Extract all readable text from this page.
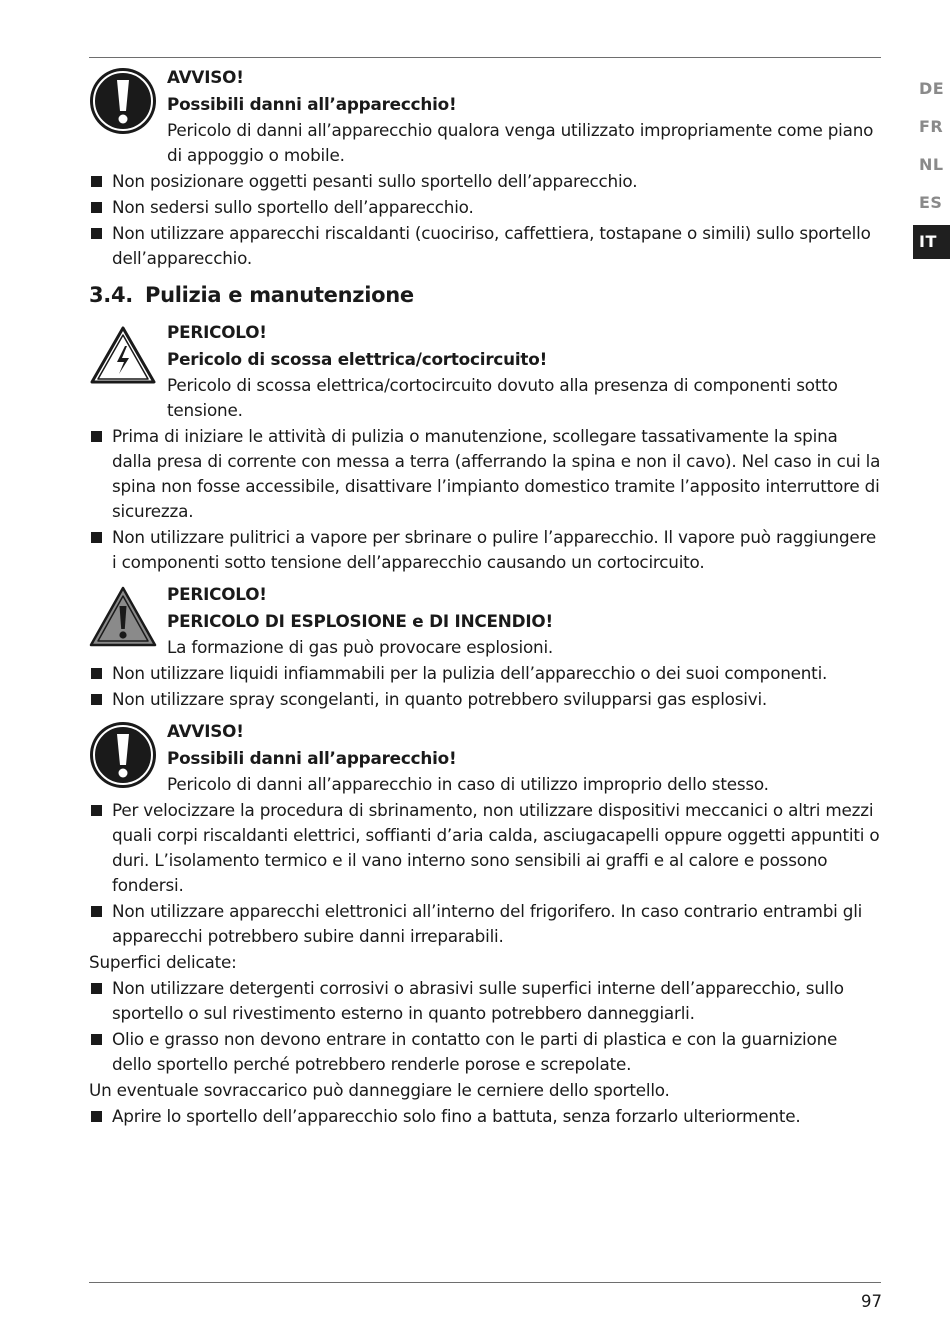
DE
FR
NL
ES
IT
AVVISO!
Possibili danni all’apparecchio!
Pericolo di danni all’apparecchio qualora venga utilizzato impropriamente come piano di appoggio o mobile.
Non posizionare oggetti pesanti sullo sportello dell’apparecchio.
Non sedersi sullo sportello dell’apparecchio.
Non utilizzare apparecchi riscaldanti (cuociriso, caffettiera, tostapane o simili) sullo sportello dell’apparecchio.
3.4. Pulizia e manutenzione
PERICOLO!
Pericolo di scossa elettrica/cortocircuito!
Pericolo di scossa elettrica/cortocircuito dovuto alla presenza di componenti sotto tensione.
Prima di iniziare le attività di pulizia o manutenzione, scollegare tassativamente la spina dalla presa di corrente con messa a terra (afferrando la spina e non il cavo). Nel caso in cui la spina non fosse accessibile, disattivare l’impianto domestico tramite l’apposito interruttore di sicurezza.
Non utilizzare pulitrici a vapore per sbrinare o pulire l’apparecchio. Il vapore può raggiungere i componenti sotto tensione dell’apparecchio causando un cortocircuito.
PERICOLO!
PERICOLO DI ESPLOSIONE e DI INCENDIO!
La formazione di gas può provocare esplosioni.
Non utilizzare liquidi infiammabili per la pulizia dell’apparecchio o dei suoi componenti.
Non utilizzare spray scongelanti, in quanto potrebbero svilupparsi gas esplosivi.
AVVISO!
Possibili danni all’apparecchio!
Pericolo di danni all’apparecchio in caso di utilizzo improprio dello stesso.
Per velocizzare la procedura di sbrinamento, non utilizzare dispositivi meccanici o altri mezzi quali corpi riscaldanti elettrici, soffianti d’aria calda, asciugacapelli oppure oggetti appuntiti o duri. L’isolamento termico e il vano interno sono sensibili ai graffi e al calore e possono fondersi.
Non utilizzare apparecchi elettronici all’interno del frigorifero. In caso contrario entrambi gli apparecchi potrebbero subire danni irreparabili.
Superfici delicate:
Non utilizzare detergenti corrosivi o abrasivi sulle superfici interne dell’apparecchio, sullo sportello o sul rivestimento esterno in quanto potrebbero danneggiarli.
Olio e grasso non devono entrare in contatto con le parti di plastica e con la guarnizione dello sportello perché potrebbero renderle porose e screpolate.
Un eventuale sovraccarico può danneggiare le cerniere dello sportello.
Aprire lo sportello dell’apparecchio solo fino a battuta, senza forzarlo ulteriormente.
97
